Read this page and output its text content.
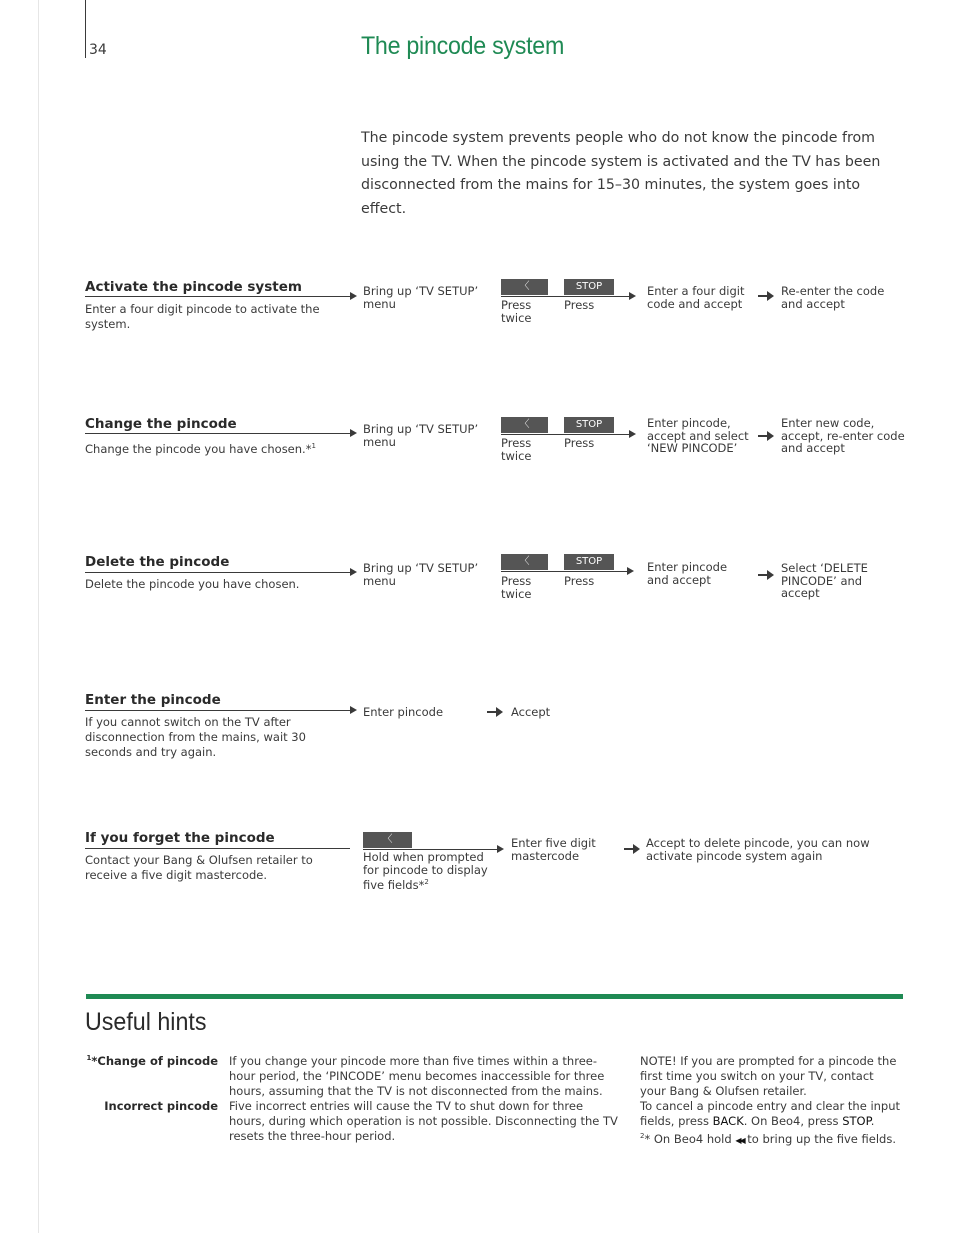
34	The pincode system
The pincode system prevents people who do not know the pincode from using the TV. When the pincode system is activated and the TV has been disconnected from the mains for 15–30 minutes, the system goes into effect.
Activate the pincode system
Enter a four digit pincode to activate the system.
Bring up ‘TV SETUP’ menu
〈	STOP
Press twice
Press
Enter a four digit code and accept
Re-enter the code and accept
Change the pincode
Change the pincode you have chosen.*$^1$
Bring up ‘TV SETUP’ menu
〈	STOP
Press twice
Press
Enter pincode, accept and select ‘NEW PINCODE’
Enter new code, accept, re-enter code and accept
Delete the pincode
Delete the pincode you have chosen.
Bring up ‘TV SETUP’ menu
〈	STOP
Press twice
Press
Enter pincode and accept
Select ‘DELETE PINCODE’ and accept
Enter the pincode
If you cannot switch on the TV after disconnection from the mains, wait 30 seconds and try again.
Enter pincode	Accept
If you forget the pincode
Contact your Bang & Olufsen retailer to receive a five digit mastercode.
〈
Hold when prompted for pincode to display five fields*$^2$
Enter five digit mastercode
Accept to delete pincode, you can now activate pincode system again
Useful hints
$^1$*Change of pincode If you change your pincode more than five times within a three-hour period, the ‘PINCODE’ menu becomes inaccessible for three hours, assuming that the TV is not disconnected from the mains.
Incorrect pincode Five incorrect entries will cause the TV to shut down for three hours, during which operation is not possible. Disconnecting the TV resets the three-hour period.
NOTE! If you are prompted for a pincode the first time you switch on your TV, contact your Bang & Olufsen retailer.
To cancel a pincode entry and clear the input fields, press BACK. On Beo4, press STOP.
$^2$* On Beo4 hold ◀◀ to bring up the five fields.
